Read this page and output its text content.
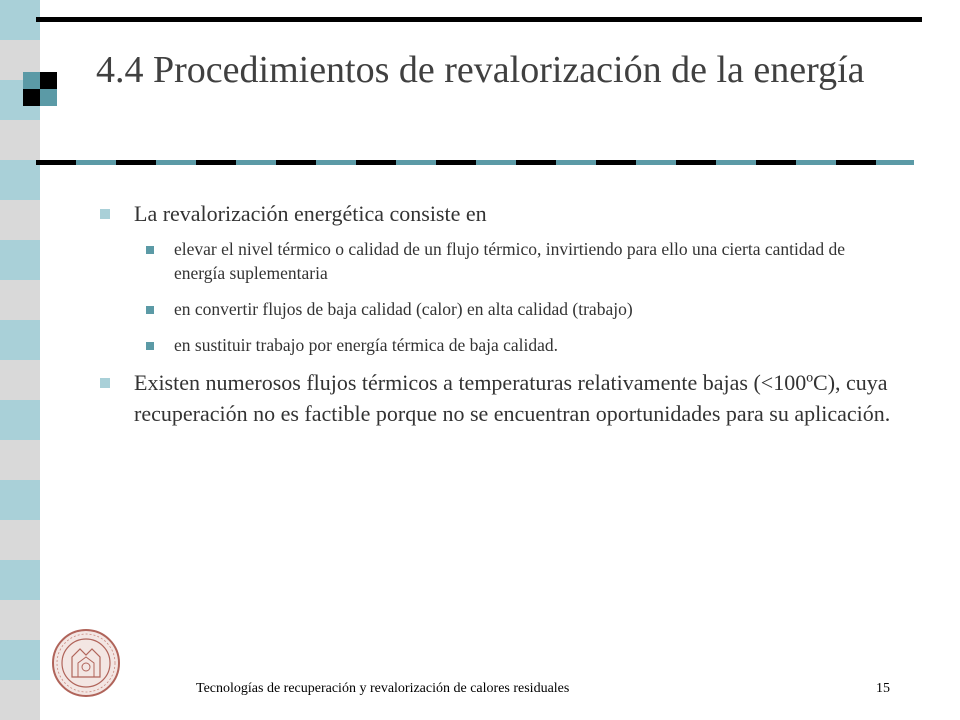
4.4 Procedimientos de revalorización de la energía
La revalorización energética consiste en
elevar el nivel térmico o calidad de un flujo térmico, invirtiendo para ello una cierta cantidad de energía suplementaria
en convertir flujos de baja calidad (calor) en alta calidad (trabajo)
en sustituir trabajo por energía térmica de baja calidad.
Existen numerosos flujos térmicos a temperaturas relativamente bajas (<100ºC), cuya recuperación no es factible porque no se encuentran oportunidades para su aplicación.
Tecnologías de recuperación y revalorización de calores residuales	15
